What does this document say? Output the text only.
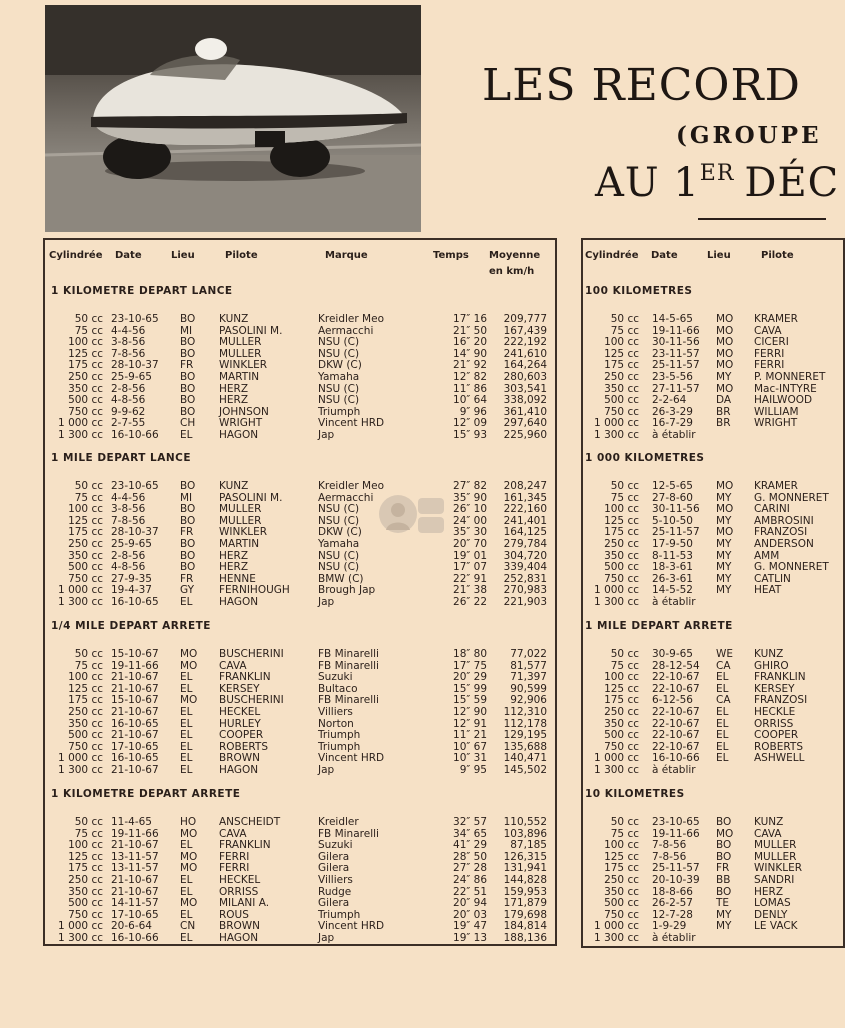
LES RECORD
(GROUPE
AU 1ER DÉC
Cylindrée Date	Lieu	Pilote	Marque	Temps Moyenne
en km/h
1 KILOMETRE DEPART LANCE
50 cc 23-10-65 BO KUNZ	Kreidler Meo	17″ 16	209,777
75 cc 4-4-56	MI	PASOLINI M.	Aermacchi	21″ 50	167,439
100 cc 3-8-56	BO MULLER	NSU (C)	16″ 20	222,192
125 cc 7-8-56	BO MULLER	NSU (C)	14″ 90	241,610
175 cc 28-10-37 FR WINKLER	DKW (C)	21″ 92	164,264
250 cc 25-9-65	BO MARTIN	Yamaha	12″ 82	280,603
350 cc 2-8-56	BO HERZ	NSU (C)	11″ 86	303,541
500 cc 4-8-56	BO HERZ	NSU (C)	10″ 64	338,092
750 cc 9-9-62	BO JOHNSON	Triumph	9″ 96	361,410
1 000 cc 2-7-55	CH WRIGHT	Vincent HRD	12″ 09	297,640
1 300 cc 16-10-66 EL	HAGON	Jap	15″ 93	225,960
1 MILE DEPART LANCE
50 cc 23-10-65 BO KUNZ	Kreidler Meo	27″ 82	208,247
75 cc 4-4-56	MI	PASOLINI M.	Aermacchi	35″ 90	161,345
100 cc 3-8-56	BO MULLER	NSU (C)	26″ 10	222,160
125 cc 7-8-56	BO MULLER	NSU (C)	24″ 00	241,401
175 cc 28-10-37 FR WINKLER	DKW (C)	35″ 30	164,125
250 cc 25-9-65	BO MARTIN	Yamaha	20″ 70	279,784
350 cc 2-8-56	BO HERZ	NSU (C)	19″ 01	304,720
500 cc 4-8-56	BO HERZ	NSU (C)	17″ 07	339,404
750 cc 27-9-35	FR HENNE	BMW (C)	22″ 91	252,831
1 000 cc 19-4-37	GY FERNIHOUGH	Brough Jap	21″ 38	270,983
1 300 cc 16-10-65 EL	HAGON	Jap	26″ 22	221,903
1/4 MILE DEPART ARRETE
50 cc 15-10-67 MO BUSCHERINI	FB Minarelli	18″ 80	77,022
75 cc 19-11-66 MO CAVA	FB Minarelli	17″ 75	81,577
100 cc 21-10-67 EL	FRANKLIN	Suzuki	20″ 29	71,397
125 cc 21-10-67 EL	KERSEY	Bultaco	15″ 99	90,599
175 cc 15-10-67 MO BUSCHERINI	FB Minarelli	15″ 59	92,906
250 cc 21-10-67 EL	HECKEL	Villiers	12″ 90	112,310
350 cc 16-10-65 EL	HURLEY	Norton	12″ 91	112,178
500 cc 21-10-67 EL	COOPER	Triumph	11″ 21	129,195
750 cc 17-10-65 EL	ROBERTS	Triumph	10″ 67	135,688
1 000 cc 16-10-65 EL	BROWN	Vincent HRD	10″ 31	140,471
1 300 cc 21-10-67 EL	HAGON	Jap	9″ 95	145,502
1 KILOMETRE DEPART ARRETE
50 cc 11-4-65	HO ANSCHEIDT	Kreidler	32″ 57	110,552
75 cc 19-11-66 MO CAVA	FB Minarelli	34″ 65	103,896
100 cc 21-10-67 EL	FRANKLIN	Suzuki	41″ 29	87,185
125 cc 13-11-57 MO FERRI	Gilera	28″ 50	126,315
175 cc 13-11-57 MO FERRI	Gilera	27″ 28	131,941
250 cc 21-10-67 EL	HECKEL	Villiers	24″ 86	144,828
350 cc 21-10-67 EL	ORRISS	Rudge	22″ 51	159,953
500 cc 14-11-57 MO MILANI A.	Gilera	20″ 94	171,879
750 cc 17-10-65 EL	ROUS	Triumph	20″ 03	179,698
1 000 cc 20-6-64	CN BROWN	Vincent HRD	19″ 47	184,814
1 300 cc 16-10-66 EL	HAGON	Jap	19″ 13	188,136
Cylindrée Date	Lieu	Pilote
100 KILOMETRES
50 cc 14-5-65 MO KRAMER
75 cc 19-11-66 MO CAVA
100 cc 30-11-56 MO CICERI
125 cc 23-11-57 MO FERRI
175 cc 25-11-57 MO FERRI
250 cc 23-5-56 MY P. MONNERET
350 cc 27-11-57 MO Mac-INTYRE
500 cc 2-2-64	DA HAILWOOD
750 cc 26-3-29 BR WILLIAM
1 000 cc 16-7-29 BR WRIGHT
1 300 cc à établir
1 000 KILOMETRES
50 cc 12-5-65 MO KRAMER
75 cc 27-8-60 MY G. MONNERET
100 cc 30-11-56 MO CARINI
125 cc 5-10-50 MY AMBROSINI
175 cc 25-11-57 MO FRANZOSI
250 cc 17-9-50 MY ANDERSON
350 cc 8-11-53 MY AMM
500 cc 18-3-61 MY G. MONNERET
750 cc 26-3-61 MY CATLIN
1 000 cc 14-5-52 MY HEAT
1 300 cc à établir
1 MILE DEPART ARRETE
50 cc 30-9-65 WE KUNZ
75 cc 28-12-54 CA GHIRO
100 cc 22-10-67 EL FRANKLIN
125 cc 22-10-67 EL KERSEY
175 cc 6-12-56 CA FRANZOSI
250 cc 22-10-67 EL HECKLE
350 cc 22-10-67 EL ORRISS
500 cc 22-10-67 EL COOPER
750 cc 22-10-67 EL ROBERTS
1 000 cc 16-10-66 EL ASHWELL
1 300 cc à établir
10 KILOMETRES
50 cc 23-10-65 BO KUNZ
75 cc 19-11-66 MO CAVA
100 cc 7-8-56	BO MULLER
125 cc 7-8-56	BO MULLER
175 cc 25-11-57 FR WINKLER
250 cc 20-10-39 BB SANDRI
350 cc 18-8-66 BO HERZ
500 cc 26-2-57 TE LOMAS
750 cc 12-7-28 MY DENLY
1 000 cc 1-9-29	MY LE VACK
1 300 cc à établir
